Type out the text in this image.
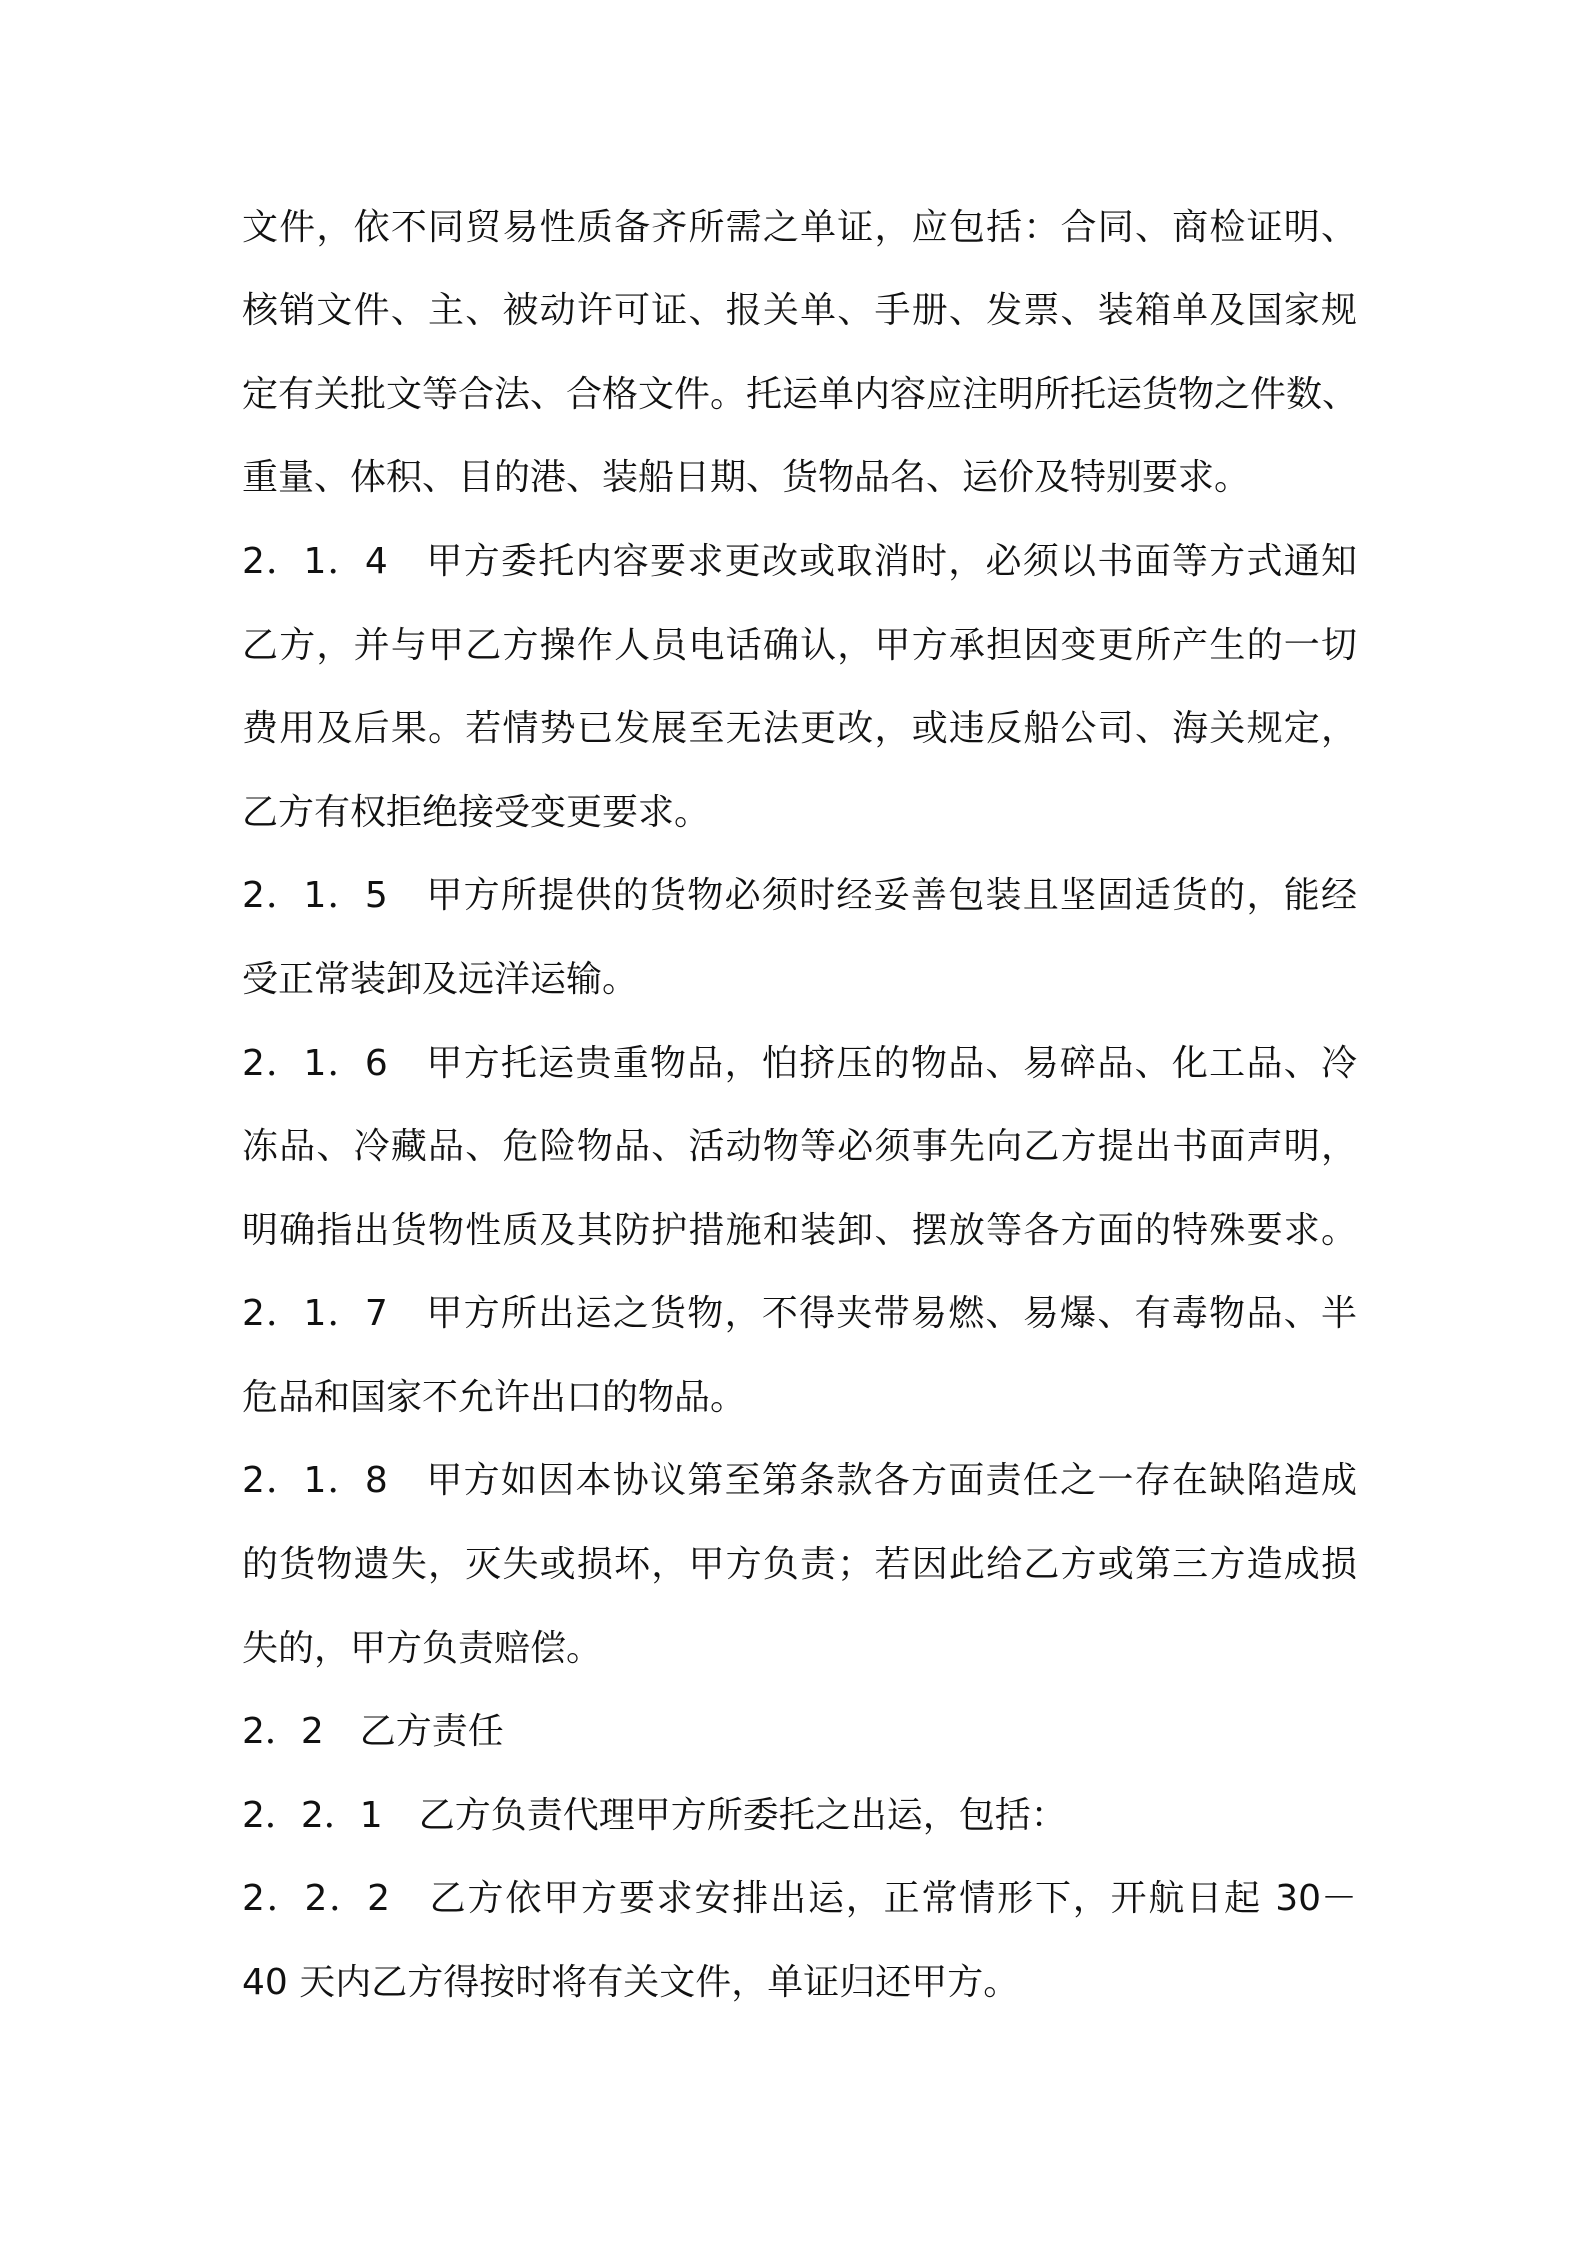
文件，依不同贸易性质备齐所需之单证，应包括：合同、商检证明、
核销文件、主、被动许可证、报关单、手册、发票、装箱单及国家规
定有关批文等合法、合格文件。托运单内容应注明所托运货物之件数、
重量、体积、目的港、装船日期、货物品名、运价及特别要求。
2．1．4　甲方委托内容要求更改或取消时，必须以书面等方式通知
乙方，并与甲乙方操作人员电话确认，甲方承担因变更所产生的一切
费用及后果。若情势已发展至无法更改，或违反船公司、海关规定，
乙方有权拒绝接受变更要求。
2．1．5　甲方所提供的货物必须时经妥善包装且坚固适货的，能经
受正常装卸及远洋运输。
2．1．6　甲方托运贵重物品，怕挤压的物品、易碎品、化工品、冷
冻品、冷藏品、危险物品、活动物等必须事先向乙方提出书面声明，
明确指出货物性质及其防护措施和装卸、摆放等各方面的特殊要求。
2．1．7　甲方所出运之货物，不得夹带易燃、易爆、有毒物品、半
危品和国家不允许出口的物品。
2．1．8　甲方如因本协议第至第条款各方面责任之一存在缺陷造成
的货物遗失，灭失或损坏，甲方负责；若因此给乙方或第三方造成损
失的，甲方负责赔偿。
2．2　乙方责任
2．2．1　乙方负责代理甲方所委托之出运，包括：
2．2．2　乙方依甲方要求安排出运，正常情形下，开航日起 30－
40 天内乙方得按时将有关文件，单证归还甲方。
